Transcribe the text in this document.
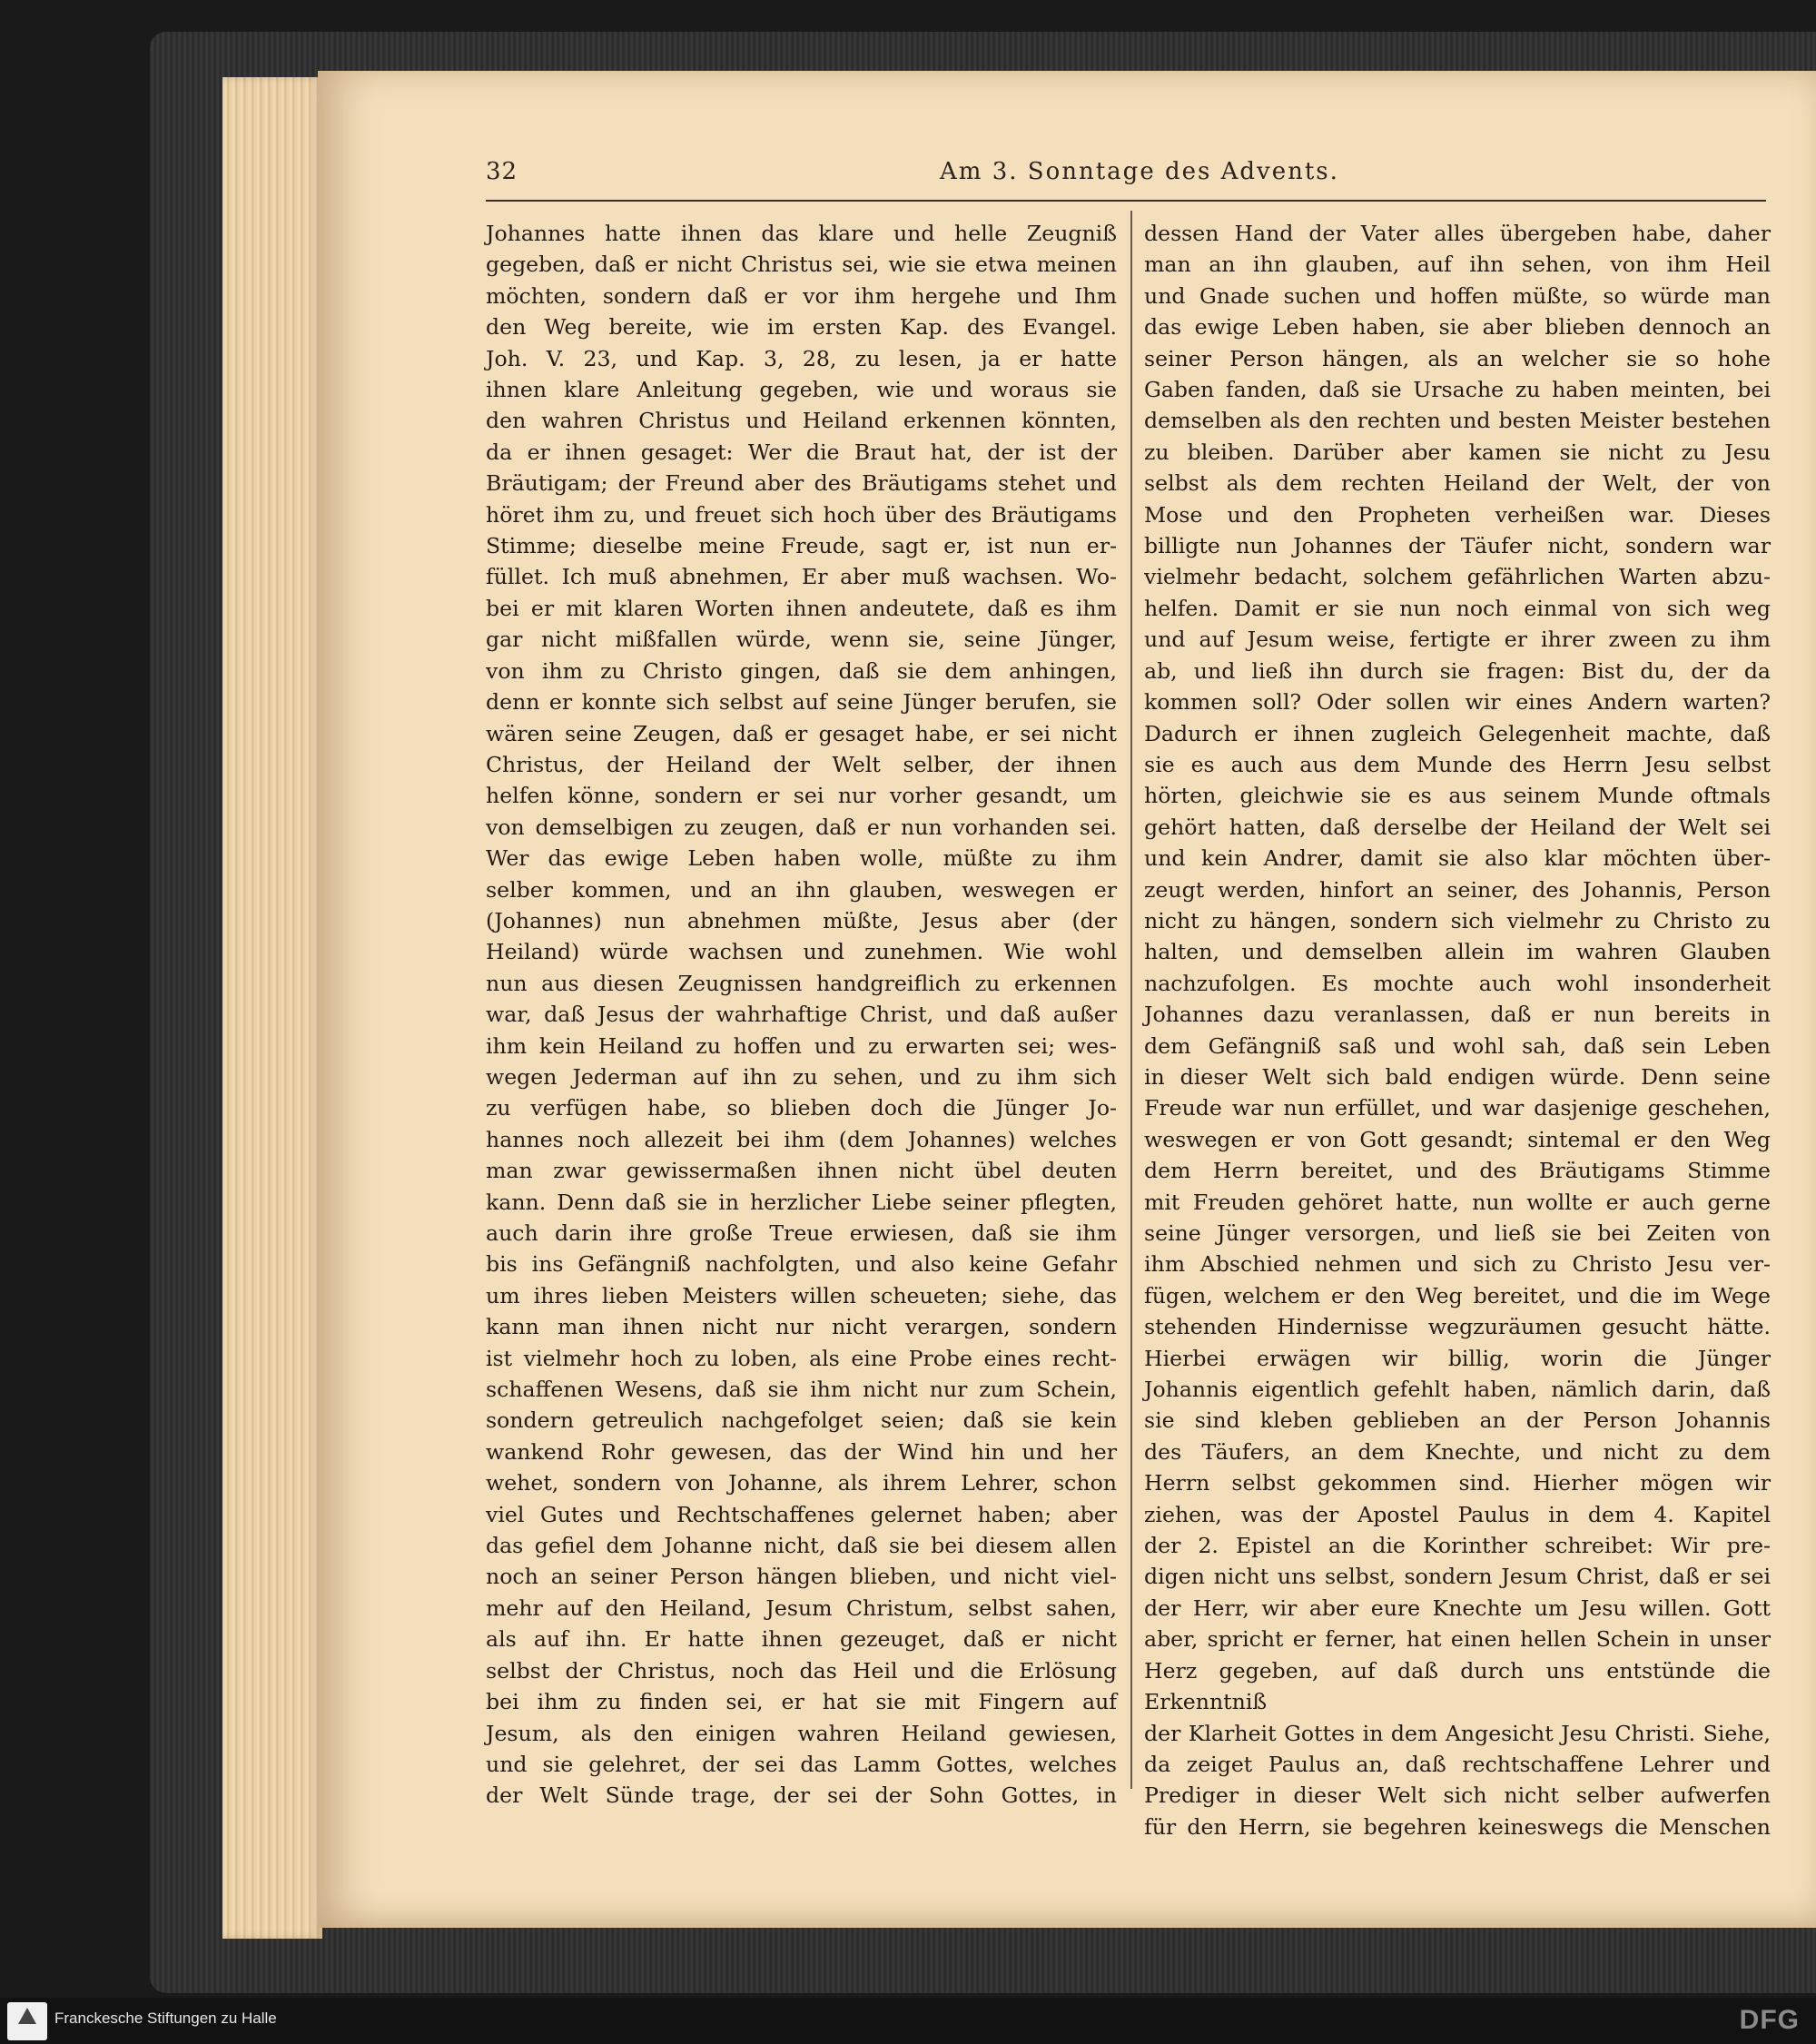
32	Am 3. Sonntage des Advents.

Johannes hatte ihnen das klare und helle Zeugniß

gegeben, daß er nicht Christus sei, wie sie etwa meinen

möchten, sondern daß er vor ihm hergehe und Ihm

den Weg bereite, wie im ersten Kap. des Evangel.

Joh. V. 23, und Kap. 3, 28, zu lesen, ja er hatte

ihnen klare Anleitung gegeben, wie und woraus sie

den wahren Christus und Heiland erkennen könnten,

da er ihnen gesaget: Wer die Braut hat, der ist der

Bräutigam; der Freund aber des Bräutigams stehet und

höret ihm zu, und freuet sich hoch über des Bräutigams

Stimme; dieselbe meine Freude, sagt er, ist nun er-

füllet. Ich muß abnehmen, Er aber muß wachsen. Wo-

bei er mit klaren Worten ihnen andeutete, daß es ihm

gar nicht mißfallen würde, wenn sie, seine Jünger,

von ihm zu Christo gingen, daß sie dem anhingen,

denn er konnte sich selbst auf seine Jünger berufen, sie

wären seine Zeugen, daß er gesaget habe, er sei nicht

Christus, der Heiland der Welt selber, der ihnen

helfen könne, sondern er sei nur vorher gesandt, um

von demselbigen zu zeugen, daß er nun vorhanden sei.

Wer das ewige Leben haben wolle, müßte zu ihm

selber kommen, und an ihn glauben, weswegen er

(Johannes) nun abnehmen müßte, Jesus aber (der

Heiland) würde wachsen und zunehmen. Wie wohl

nun aus diesen Zeugnissen handgreiflich zu erkennen

war, daß Jesus der wahrhaftige Christ, und daß außer

ihm kein Heiland zu hoffen und zu erwarten sei; wes-

wegen Jederman auf ihn zu sehen, und zu ihm sich

zu verfügen habe, so blieben doch die Jünger Jo-

hannes noch allezeit bei ihm (dem Johannes) welches

man zwar gewissermaßen ihnen nicht übel deuten

kann. Denn daß sie in herzlicher Liebe seiner pflegten,

auch darin ihre große Treue erwiesen, daß sie ihm

bis ins Gefängniß nachfolgten, und also keine Gefahr

um ihres lieben Meisters willen scheueten; siehe, das

kann man ihnen nicht nur nicht verargen, sondern

ist vielmehr hoch zu loben, als eine Probe eines recht-

schaffenen Wesens, daß sie ihm nicht nur zum Schein,

sondern getreulich nachgefolget seien; daß sie kein

wankend Rohr gewesen, das der Wind hin und her

wehet, sondern von Johanne, als ihrem Lehrer, schon

viel Gutes und Rechtschaffenes gelernet haben; aber

das gefiel dem Johanne nicht, daß sie bei diesem allen

noch an seiner Person hängen blieben, und nicht viel-

mehr auf den Heiland, Jesum Christum, selbst sahen,

als auf ihn. Er hatte ihnen gezeuget, daß er nicht

selbst der Christus, noch das Heil und die Erlösung

bei ihm zu finden sei, er hat sie mit Fingern auf

Jesum, als den einigen wahren Heiland gewiesen,

und sie gelehret, der sei das Lamm Gottes, welches

der Welt Sünde trage, der sei der Sohn Gottes, in

dessen Hand der Vater alles übergeben habe, daher

man an ihn glauben, auf ihn sehen, von ihm Heil

und Gnade suchen und hoffen müßte, so würde man

das ewige Leben haben, sie aber blieben dennoch an

seiner Person hängen, als an welcher sie so hohe

Gaben fanden, daß sie Ursache zu haben meinten, bei

demselben als den rechten und besten Meister bestehen

zu bleiben. Darüber aber kamen sie nicht zu Jesu

selbst als dem rechten Heiland der Welt, der von

Mose und den Propheten verheißen war. Dieses

billigte nun Johannes der Täufer nicht, sondern war

vielmehr bedacht, solchem gefährlichen Warten abzu-

helfen. Damit er sie nun noch einmal von sich weg

und auf Jesum weise, fertigte er ihrer zween zu ihm

ab, und ließ ihn durch sie fragen: Bist du, der da

kommen soll? Oder sollen wir eines Andern warten?

Dadurch er ihnen zugleich Gelegenheit machte, daß

sie es auch aus dem Munde des Herrn Jesu selbst

hörten, gleichwie sie es aus seinem Munde oftmals

gehört hatten, daß derselbe der Heiland der Welt sei

und kein Andrer, damit sie also klar möchten über-

zeugt werden, hinfort an seiner, des Johannis, Person

nicht zu hängen, sondern sich vielmehr zu Christo zu

halten, und demselben allein im wahren Glauben

nachzufolgen. Es mochte auch wohl insonderheit

Johannes dazu veranlassen, daß er nun bereits in

dem Gefängniß saß und wohl sah, daß sein Leben

in dieser Welt sich bald endigen würde. Denn seine

Freude war nun erfüllet, und war dasjenige geschehen,

weswegen er von Gott gesandt; sintemal er den Weg

dem Herrn bereitet, und des Bräutigams Stimme

mit Freuden gehöret hatte, nun wollte er auch gerne

seine Jünger versorgen, und ließ sie bei Zeiten von

ihm Abschied nehmen und sich zu Christo Jesu ver-

fügen, welchem er den Weg bereitet, und die im Wege

stehenden Hindernisse wegzuräumen gesucht hätte.

Hierbei erwägen wir billig, worin die Jünger

Johannis eigentlich gefehlt haben, nämlich darin, daß

sie sind kleben geblieben an der Person Johannis

des Täufers, an dem Knechte, und nicht zu dem

Herrn selbst gekommen sind. Hierher mögen wir

ziehen, was der Apostel Paulus in dem 4. Kapitel

der 2. Epistel an die Korinther schreibet: Wir pre-

digen nicht uns selbst, sondern Jesum Christ, daß er sei

der Herr, wir aber eure Knechte um Jesu willen. Gott

aber, spricht er ferner, hat einen hellen Schein in unser

Herz gegeben, auf daß durch uns entstünde die Erkenntniß

der Klarheit Gottes in dem Angesicht Jesu Christi. Siehe,

da zeiget Paulus an, daß rechtschaffene Lehrer und

Prediger in dieser Welt sich nicht selber aufwerfen

für den Herrn, sie begehren keineswegs die Menschen

Franckesche Stiftungen zu Halle	DFG
